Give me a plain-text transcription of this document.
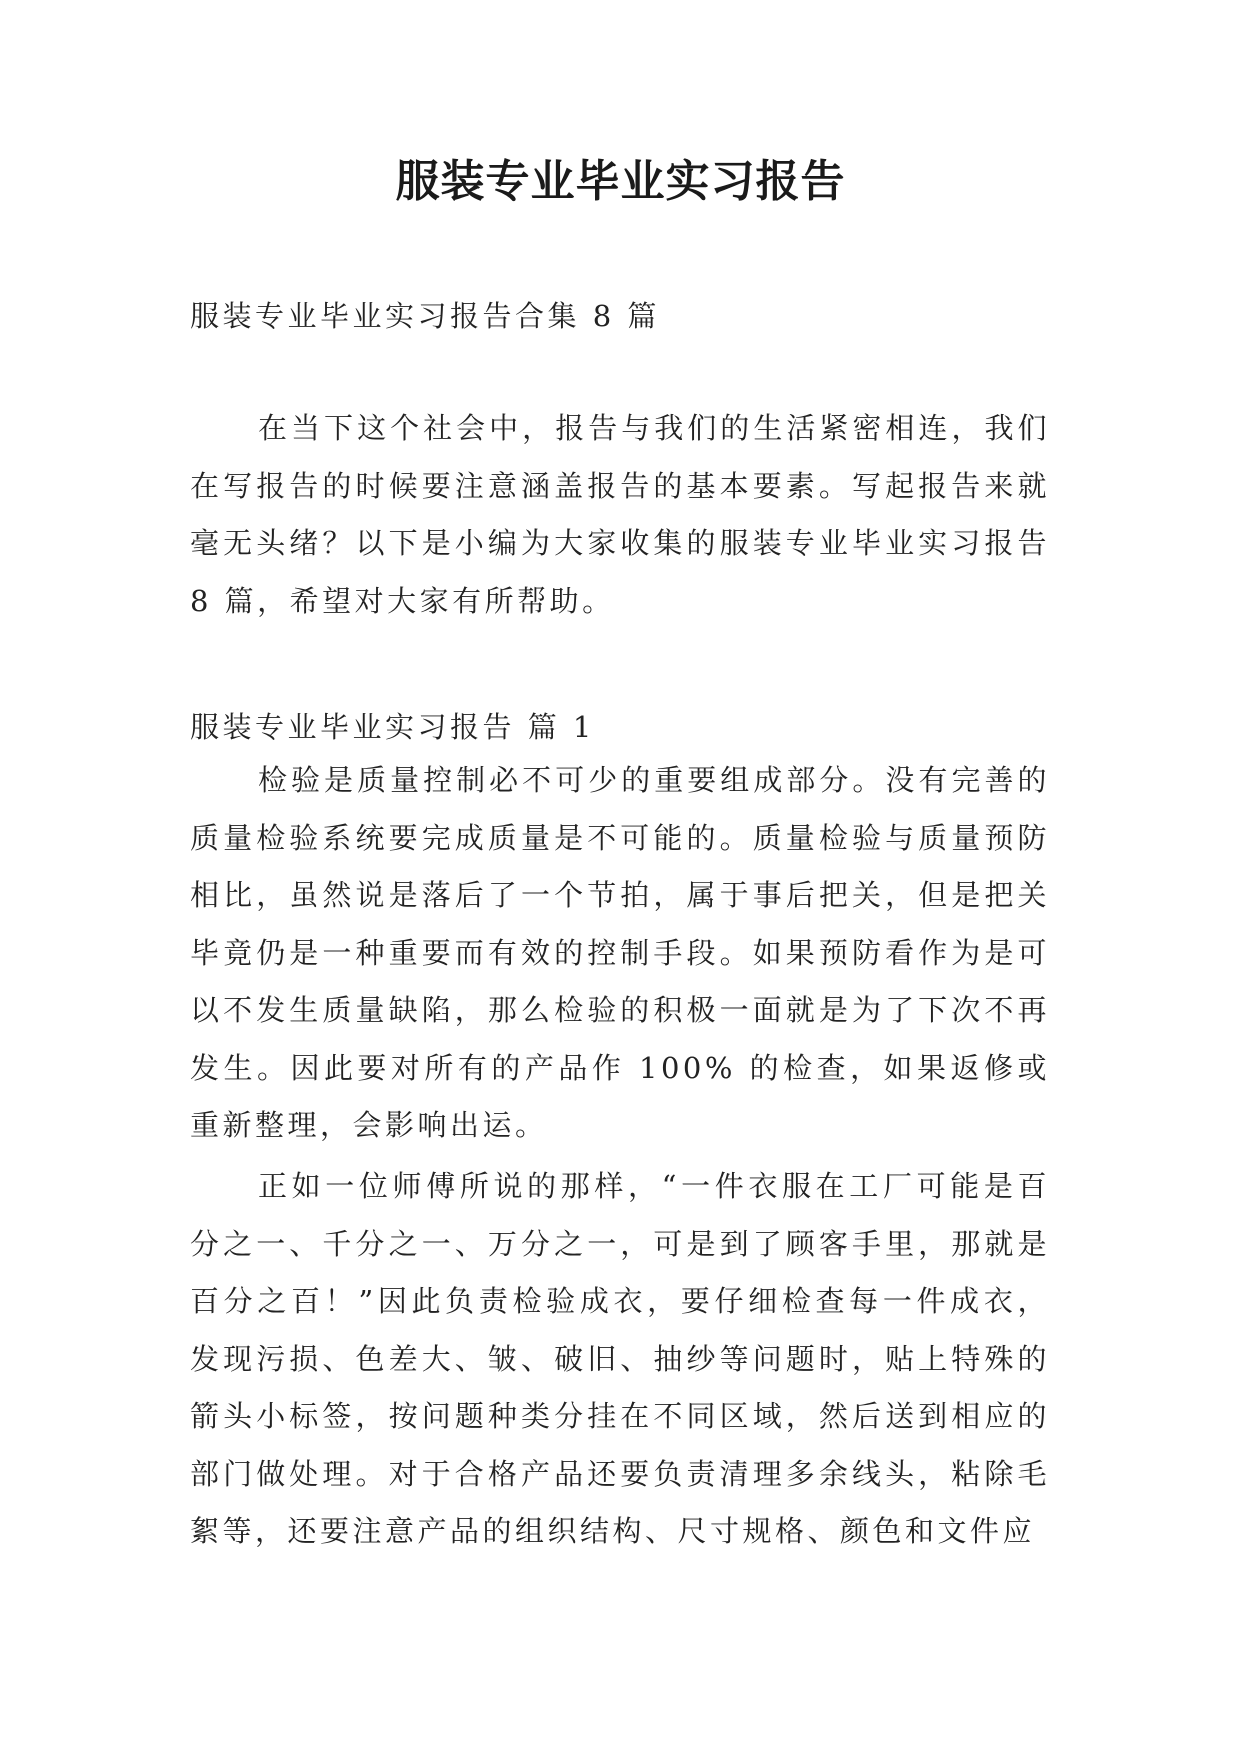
服装专业毕业实习报告

服装专业毕业实习报告合集 8 篇

在当下这个社会中，报告与我们的生活紧密相连，我们在写报告的时候要注意涵盖报告的基本要素。写起报告来就毫无头绪？以下是小编为大家收集的服装专业毕业实习报告 8 篇，希望对大家有所帮助。

服装专业毕业实习报告 篇 1

检验是质量控制必不可少的重要组成部分。没有完善的质量检验系统要完成质量是不可能的。质量检验与质量预防相比，虽然说是落后了一个节拍，属于事后把关，但是把关毕竟仍是一种重要而有效的控制手段。如果预防看作为是可以不发生质量缺陷，那么检验的积极一面就是为了下次不再发生。因此要对所有的产品作 100% 的检查，如果返修或重新整理，会影响出运。

正如一位师傅所说的那样，“一件衣服在工厂可能是百分之一、千分之一、万分之一，可是到了顾客手里，那就是百分之百！”因此负责检验成衣，要仔细检查每一件成衣，发现污损、色差大、皱、破旧、抽纱等问题时，贴上特殊的箭头小标签，按问题种类分挂在不同区域，然后送到相应的部门做处理。对于合格产品还要负责清理多余线头，粘除毛絮等，还要注意产品的组织结构、尺寸规格、颜色和文件应
